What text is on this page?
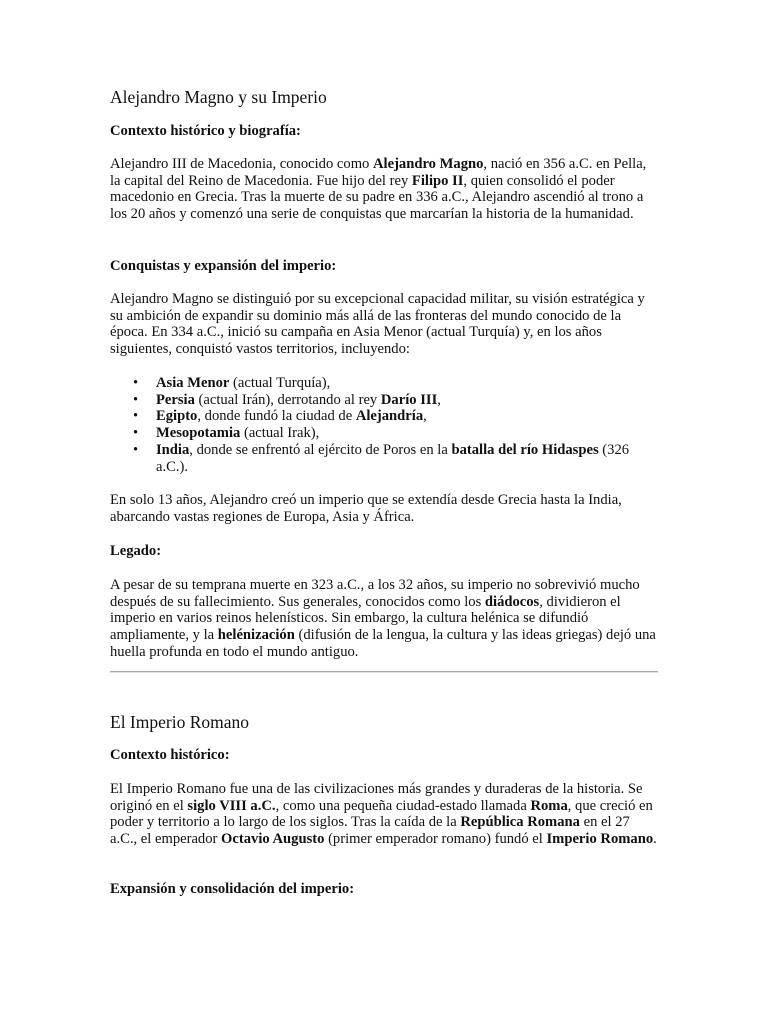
Alejandro Magno y su Imperio
Contexto histórico y biografía:

Alejandro III de Macedonia, conocido como Alejandro Magno, nació en 356 a.C. en Pella, la capital del Reino de Macedonia. Fue hijo del rey Filipo II, quien consolidó el poder macedonio en Grecia. Tras la muerte de su padre en 336 a.C., Alejandro ascendió al trono a los 20 años y comenzó una serie de conquistas que marcarían la historia de la humanidad.

Conquistas y expansión del imperio:

Alejandro Magno se distinguió por su excepcional capacidad militar, su visión estratégica y su ambición de expandir su dominio más allá de las fronteras del mundo conocido de la época. En 334 a.C., inició su campaña en Asia Menor (actual Turquía) y, en los años siguientes, conquistó vastos territorios, incluyendo:

• Asia Menor (actual Turquía),
• Persia (actual Irán), derrotando al rey Darío III,
• Egipto, donde fundó la ciudad de Alejandría,
• Mesopotamia (actual Irak),
• India, donde se enfrentó al ejército de Poros en la batalla del río Hidaspes (326 a.C.).

En solo 13 años, Alejandro creó un imperio que se extendía desde Grecia hasta la India, abarcando vastas regiones de Europa, Asia y África.

Legado:

A pesar de su temprana muerte en 323 a.C., a los 32 años, su imperio no sobrevivió mucho después de su fallecimiento. Sus generales, conocidos como los diádocos, dividieron el imperio en varios reinos helenísticos. Sin embargo, la cultura helénica se difundió ampliamente, y la helénización (difusión de la lengua, la cultura y las ideas griegas) dejó una huella profunda en todo el mundo antiguo.

El Imperio Romano
Contexto histórico:

El Imperio Romano fue una de las civilizaciones más grandes y duraderas de la historia. Se originó en el siglo VIII a.C., como una pequeña ciudad-estado llamada Roma, que creció en poder y territorio a lo largo de los siglos. Tras la caída de la República Romana en el 27 a.C., el emperador Octavio Augusto (primer emperador romano) fundó el Imperio Romano.

Expansión y consolidación del imperio:
